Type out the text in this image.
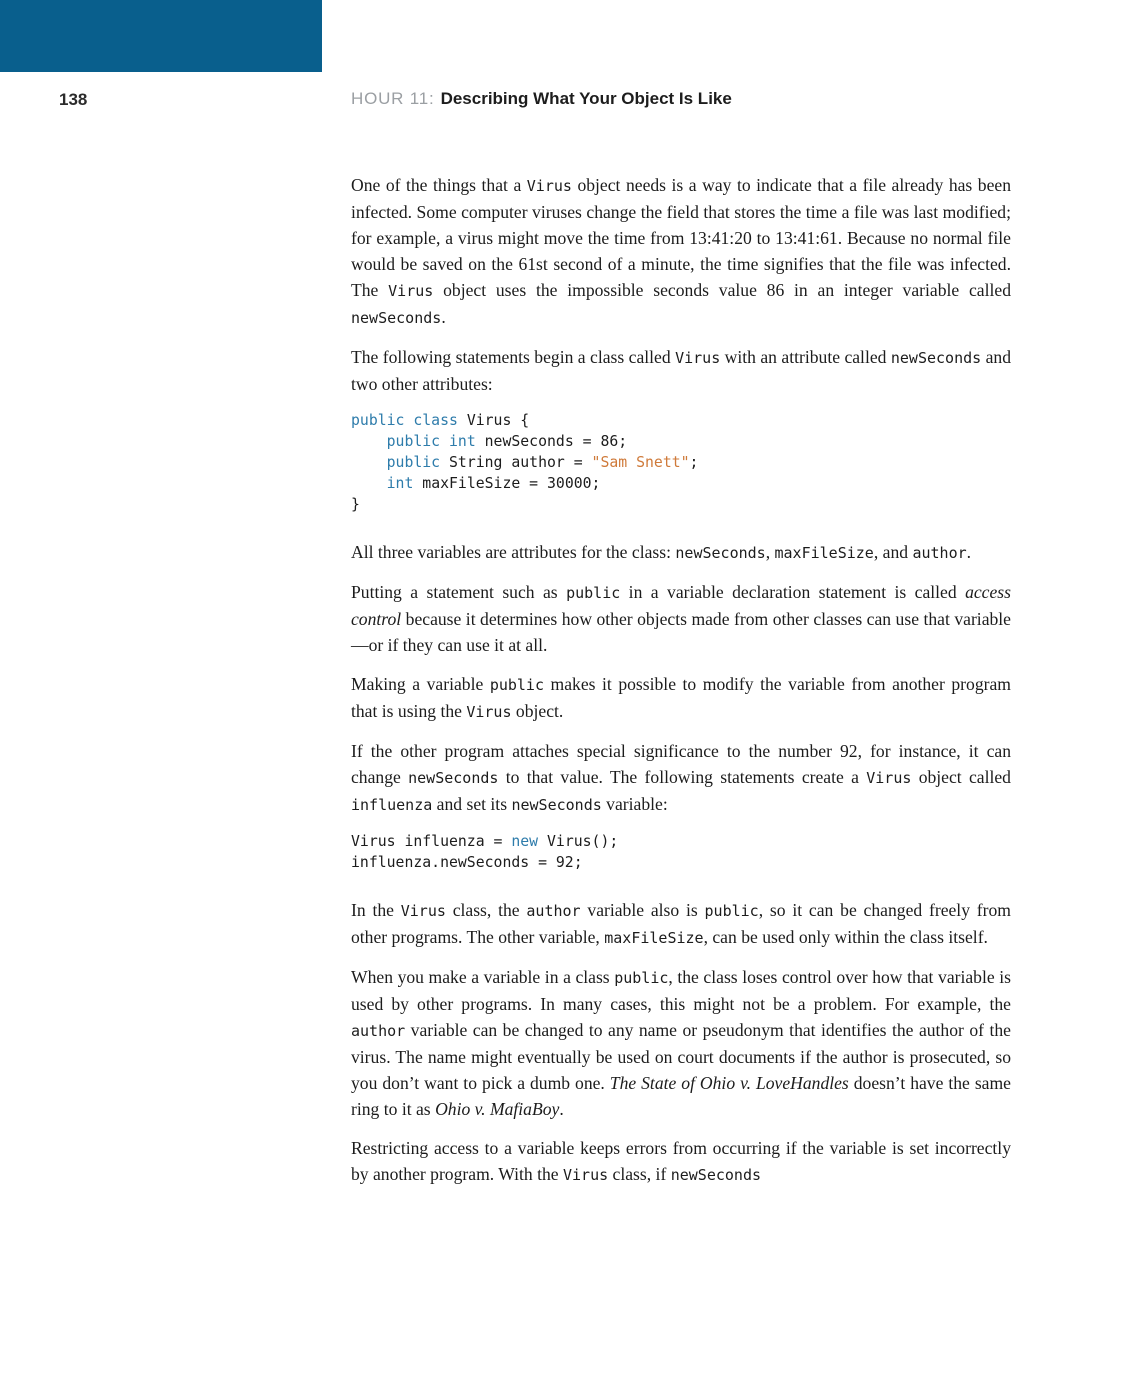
138	HOUR 11: Describing What Your Object Is Like

One of the things that a Virus object needs is a way to indicate that a file already has been infected. Some computer viruses change the field that stores the time a file was last modified; for example, a virus might move the time from 13:41:20 to 13:41:61. Because no normal file would be saved on the 61st second of a minute, the time signifies that the file was infected. The Virus object uses the impossible seconds value 86 in an integer variable called newSeconds.

The following statements begin a class called Virus with an attribute called newSeconds and two other attributes:

public class Virus {
public int newSeconds = 86;
public String author = "Sam Snett";
int maxFileSize = 30000;
}

All three variables are attributes for the class: newSeconds, maxFileSize, and author.

Putting a statement such as public in a variable declaration statement is called access control because it determines how other objects made from other classes can use that variable—or if they can use it at all.

Making a variable public makes it possible to modify the variable from another program that is using the Virus object.

If the other program attaches special significance to the number 92, for instance, it can change newSeconds to that value. The following statements create a Virus object called influenza and set its newSeconds variable:

Virus influenza = new Virus();
influenza.newSeconds = 92;

In the Virus class, the author variable also is public, so it can be changed freely from other programs. The other variable, maxFileSize, can be used only within the class itself.

When you make a variable in a class public, the class loses control over how that variable is used by other programs. In many cases, this might not be a problem. For example, the author variable can be changed to any name or pseudonym that identifies the author of the virus. The name might eventually be used on court documents if the author is prosecuted, so you don’t want to pick a dumb one. The State of Ohio v. LoveHandles doesn’t have the same ring to it as Ohio v. MafiaBoy.

Restricting access to a variable keeps errors from occurring if the variable is set incorrectly by another program. With the Virus class, if newSeconds
